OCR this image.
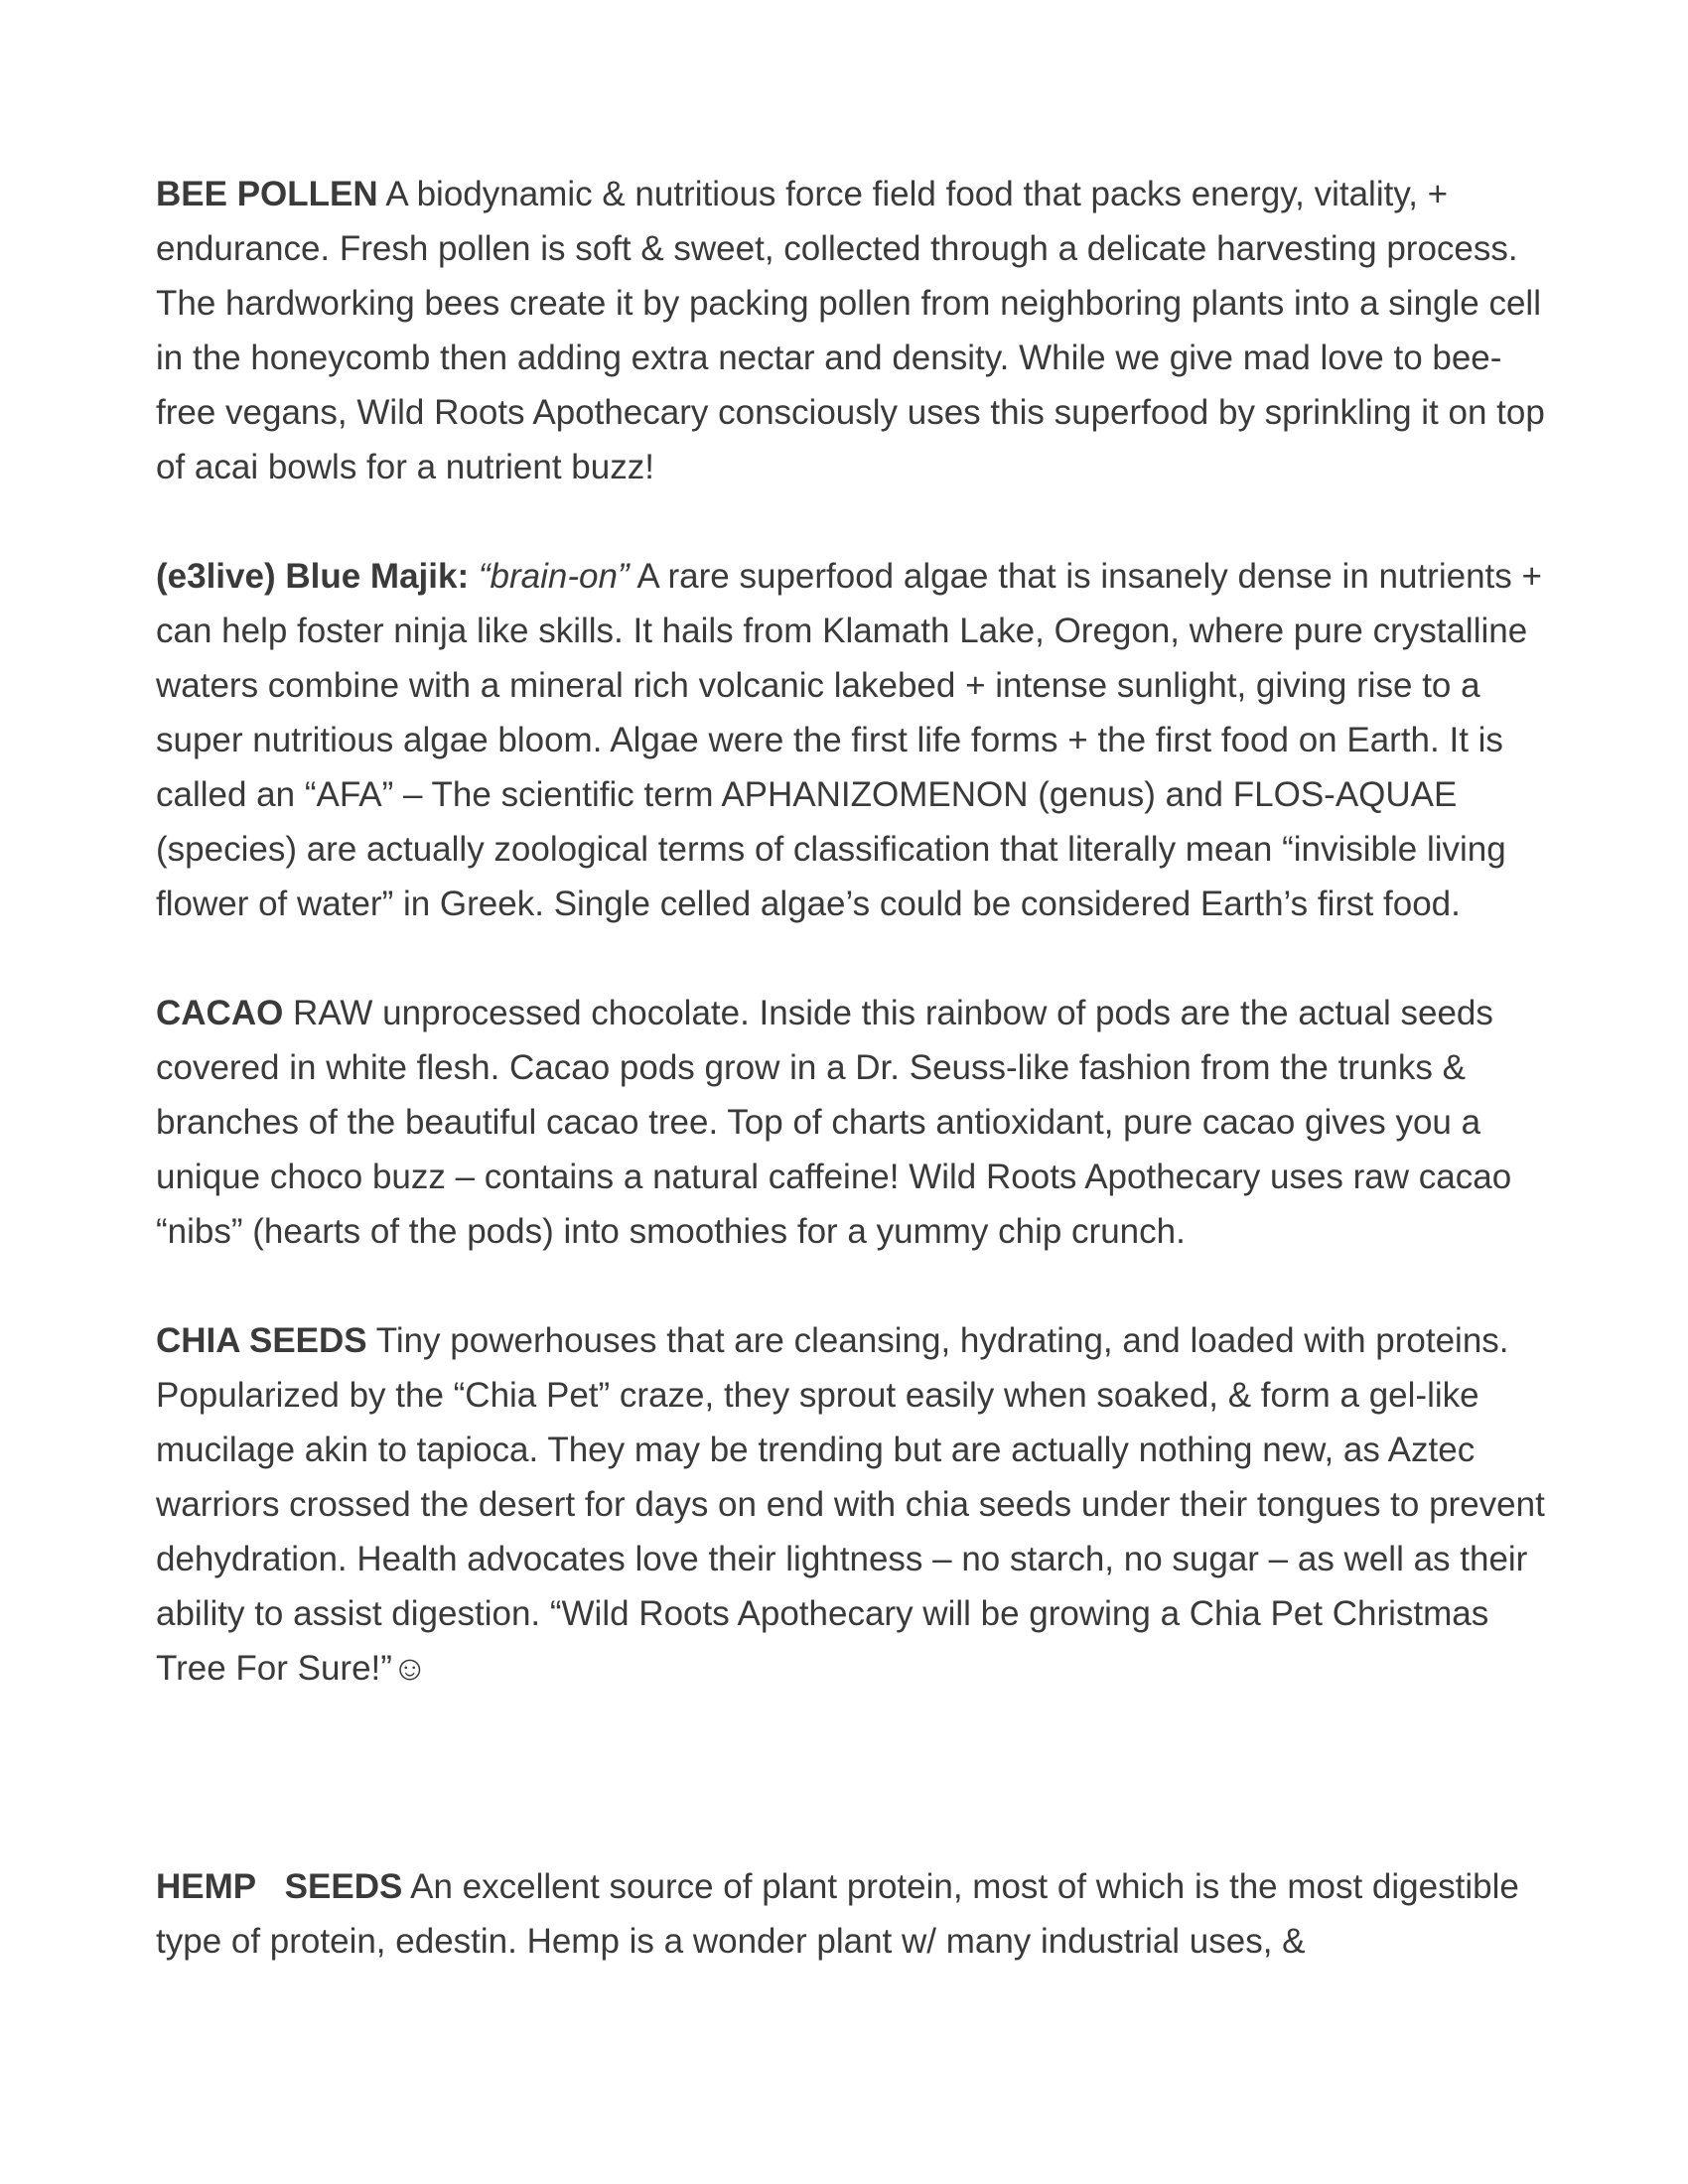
BEE POLLEN A biodynamic & nutritious force field food that packs energy, vitality, + endurance. Fresh pollen is soft & sweet, collected through a delicate harvesting process. The hardworking bees create it by packing pollen from neighboring plants into a single cell in the honeycomb then adding extra nectar and density. While we give mad love to bee-free vegans, Wild Roots Apothecary consciously uses this superfood by sprinkling it on top of acai bowls for a nutrient buzz!

(e3live) Blue Majik: “brain-on” A rare superfood algae that is insanely dense in nutrients + can help foster ninja like skills. It hails from Klamath Lake, Oregon, where pure crystalline waters combine with a mineral rich volcanic lakebed + intense sunlight, giving rise to a super nutritious algae bloom. Algae were the first life forms + the first food on Earth. It is called an “AFA” – The scientific term APHANIZOMENON (genus) and FLOS-AQUAE (species) are actually zoological terms of classification that literally mean “invisible living flower of water” in Greek. Single celled algae’s could be considered Earth’s first food.

CACAO RAW unprocessed chocolate. Inside this rainbow of pods are the actual seeds covered in white flesh. Cacao pods grow in a Dr. Seuss-like fashion from the trunks & branches of the beautiful cacao tree. Top of charts antioxidant, pure cacao gives you a unique choco buzz – contains a natural caffeine! Wild Roots Apothecary uses raw cacao “nibs” (hearts of the pods) into smoothies for a yummy chip crunch.

CHIA SEEDS Tiny powerhouses that are cleansing, hydrating, and loaded with proteins. Popularized by the “Chia Pet” craze, they sprout easily when soaked, & form a gel-like mucilage akin to tapioca. They may be trending but are actually nothing new, as Aztec warriors crossed the desert for days on end with chia seeds under their tongues to prevent dehydration. Health advocates love their lightness – no starch, no sugar – as well as their ability to assist digestion. “Wild Roots Apothecary will be growing a Chia Pet Christmas Tree For Sure!”☺

HEMP   SEEDS An excellent source of plant protein, most of which is the most digestible type of protein, edestin. Hemp is a wonder plant w/ many industrial uses, &
